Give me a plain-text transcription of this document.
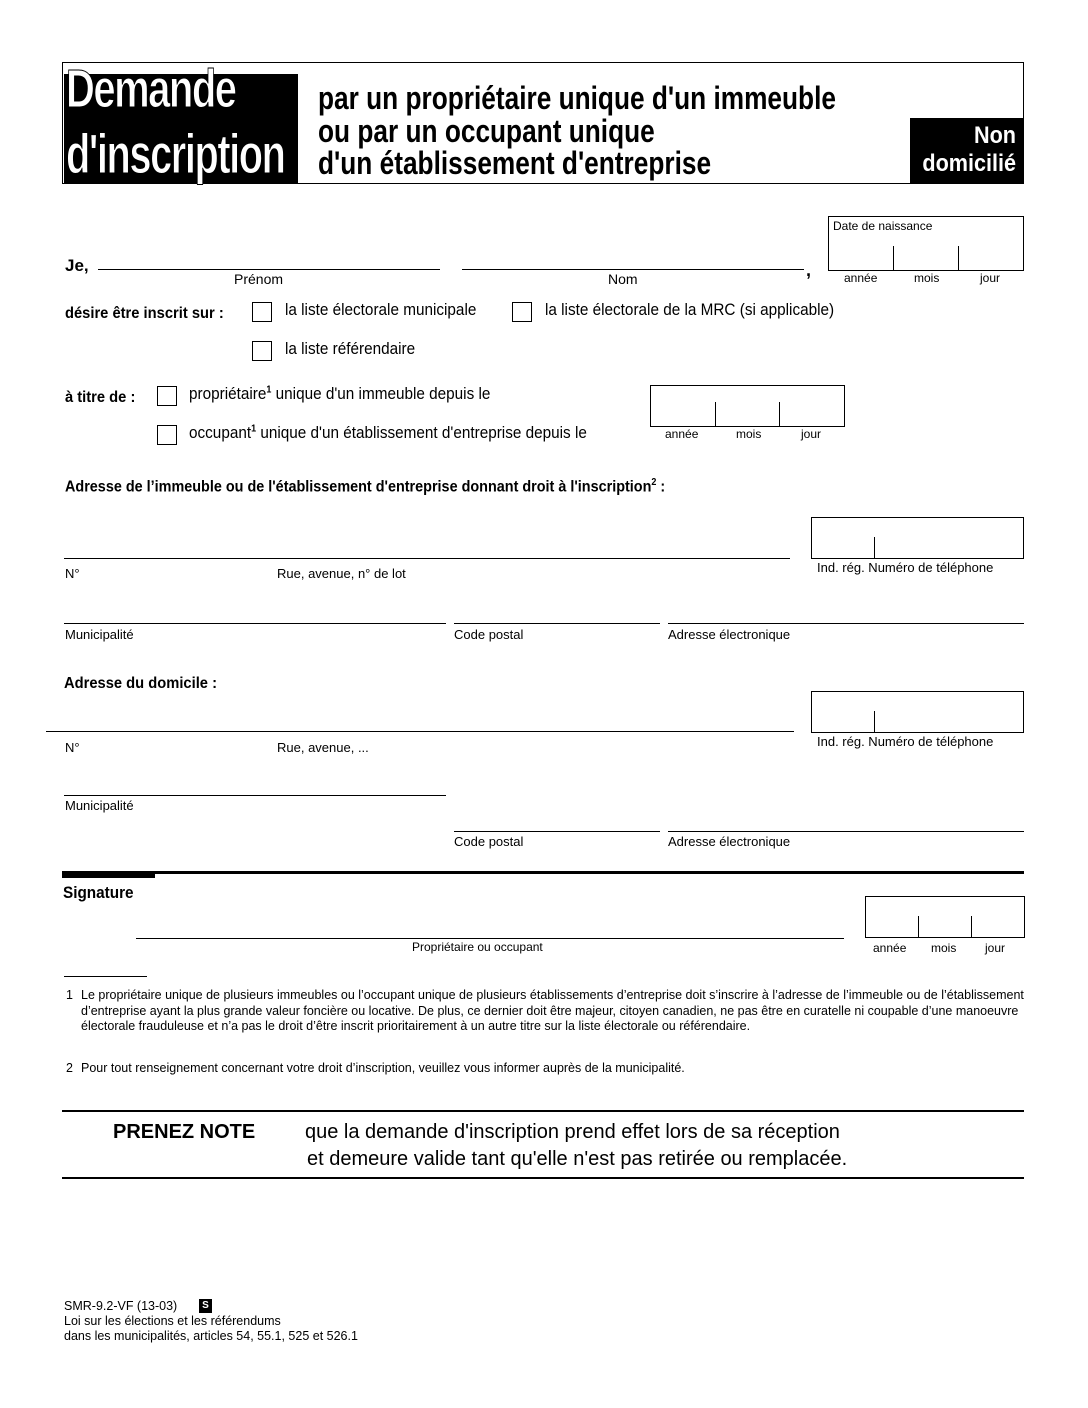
Demande
d'inscription
par un propriétaire unique d'un immeuble
ou par un occupant unique
d'un établissement d'entreprise
Non
domicilié
Je,
Prénom	Nom	,
Date de naissance
année	mois	jour
désire être inscrit sur :	la liste électorale municipale	la liste électorale de la MRC (si applicable)
la liste référendaire
à titre de :	propriétaire$^1$ unique d'un immeuble depuis le
occupant$^1$ unique d'un établissement d'entreprise depuis le	année	mois	jour
Adresse de l’immeuble ou de l'établissement d'entreprise donnant droit à l'inscription$^2$ :
N°	Rue, avenue, n° de lot	Ind. rég. Numéro de téléphone
Municipalité	Code postal	Adresse électronique
Adresse du domicile :
N°	Rue, avenue, ...	Ind. rég. Numéro de téléphone
Municipalité
Code postal	Adresse électronique
Signature
Propriétaire ou occupant	année mois jour
1 Le propriétaire unique de plusieurs immeubles ou l’occupant unique de plusieurs établissements d’entreprise doit s’inscrire à l’adresse de l’immeuble ou de l’établissement d’entreprise ayant la plus grande valeur foncière ou locative. De plus, ce dernier doit être majeur, citoyen canadien, ne pas être en curatelle ni coupable d’une manoeuvre électorale frauduleuse et n’a pas le droit d’être inscrit prioritairement à un autre titre sur la liste électorale ou référendaire.
2 Pour tout renseignement concernant votre droit d’inscription, veuillez vous informer auprès de la municipalité.
PRENEZ NOTE que la demande d'inscription prend effet lors de sa réception
et demeure valide tant qu'elle n'est pas retirée ou remplacée.
SMR-9.2-VF (13-03)	S
Loi sur les élections et les référendums
dans les municipalités, articles 54, 55.1, 525 et 526.1
